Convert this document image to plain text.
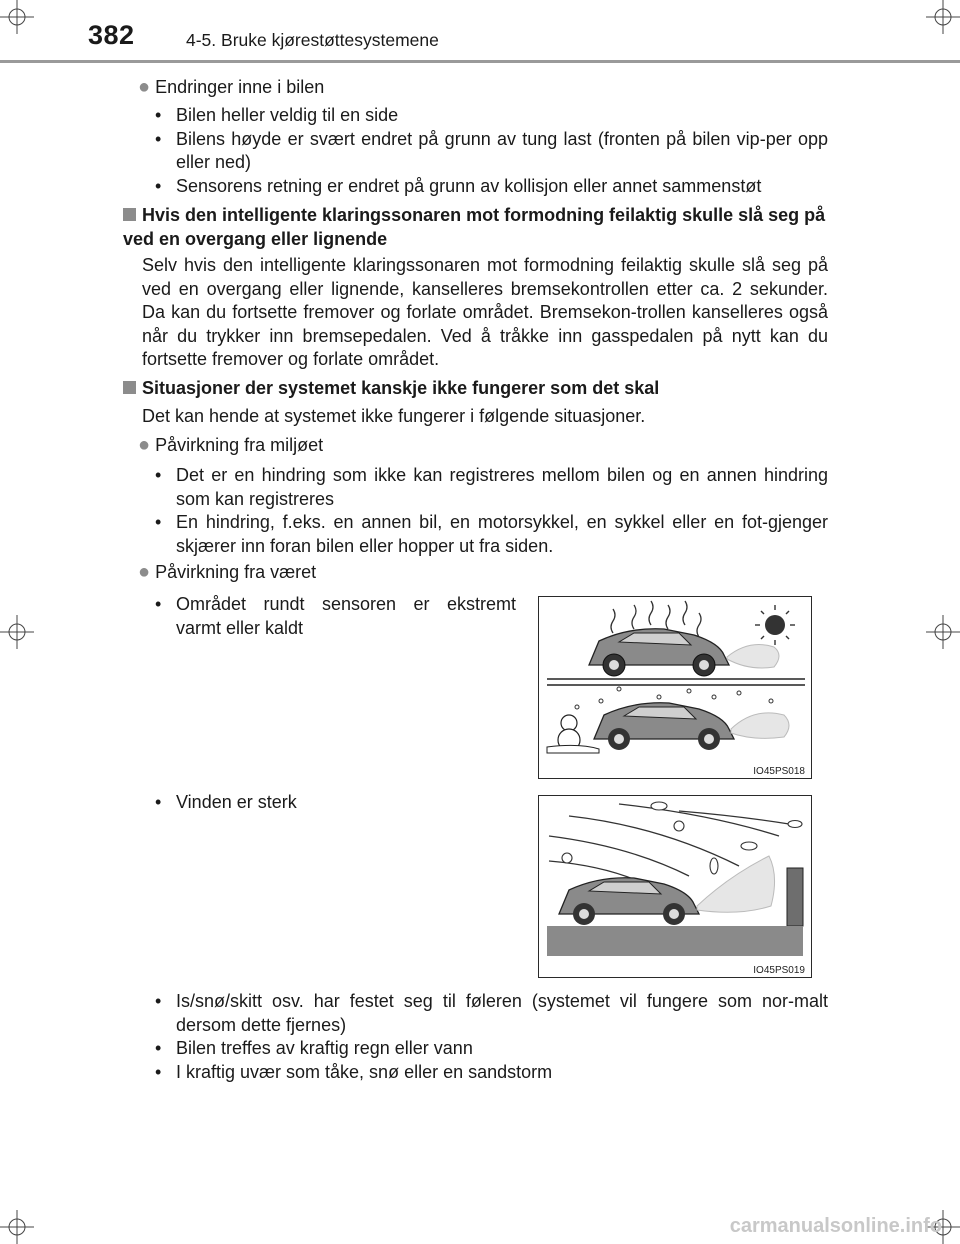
382	4-5. Bruke kjørestøttesystemene
● Endringer inne i bilen
• Bilen heller veldig til en side
• Bilens høyde er svært endret på grunn av tung last (fronten på bilen vip-per opp eller ned)
• Sensorens retning er endret på grunn av kollisjon eller annet sammenstøt
Hvis den intelligente klaringssonaren mot formodning feilaktig skulle slå seg på ved en overgang eller lignende
Selv hvis den intelligente klaringssonaren mot formodning feilaktig skulle slå seg på ved en overgang eller lignende, kanselleres bremsekontrollen etter ca. 2 sekunder. Da kan du fortsette fremover og forlate området. Bremsekon-trollen kanselleres også når du trykker inn bremsepedalen. Ved å tråkke inn gasspedalen på nytt kan du fortsette fremover og forlate området.
Situasjoner der systemet kanskje ikke fungerer som det skal
Det kan hende at systemet ikke fungerer i følgende situasjoner.
● Påvirkning fra miljøet
• Det er en hindring som ikke kan registreres mellom bilen og en annen hindring som kan registreres
• En hindring, f.eks. en annen bil, en motorsykkel, en sykkel eller en fot-gjenger skjærer inn foran bilen eller hopper ut fra siden.
● Påvirkning fra været
• Området rundt sensoren er ekstremt varmt eller kaldt
• Vinden er sterk
IO45PS018
IO45PS019
• Is/snø/skitt osv. har festet seg til føleren (systemet vil fungere som nor-malt dersom dette fjernes)
• Bilen treffes av kraftig regn eller vann
• I kraftig uvær som tåke, snø eller en sandstorm
carmanualsonline.info
